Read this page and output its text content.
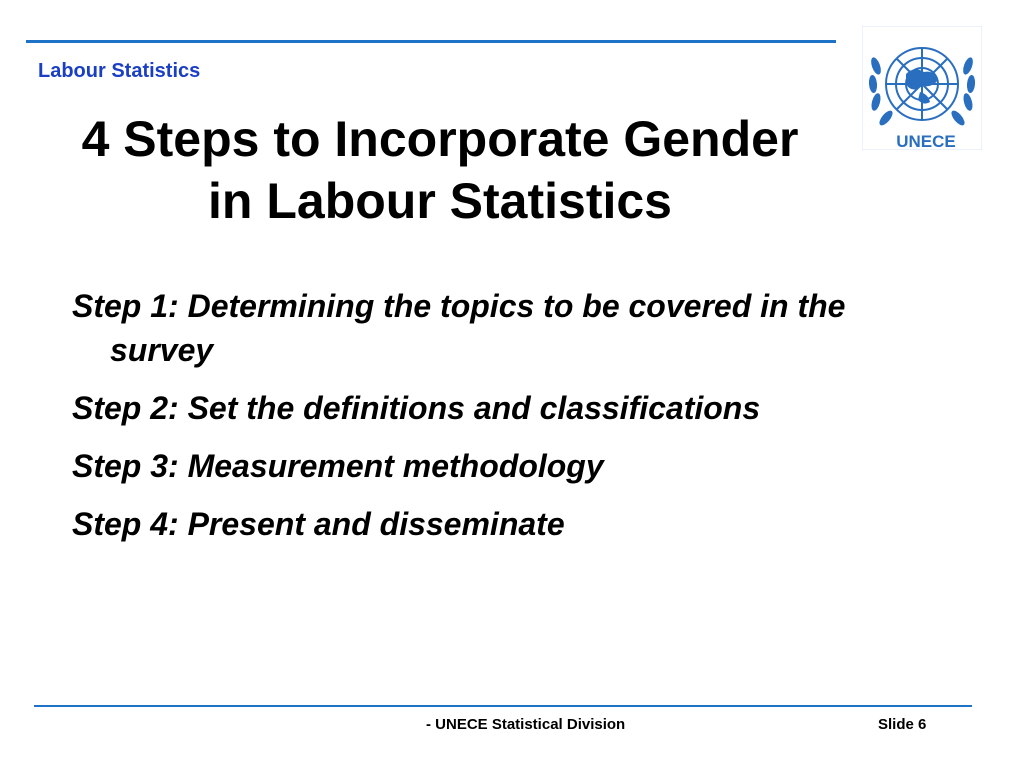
Labour Statistics
UNECE
4 Steps to Incorporate Gender
in Labour Statistics
Step 1: Determining the topics to be covered in the survey
Step 2: Set the definitions and classifications
Step 3: Measurement methodology
Step 4: Present and disseminate
- UNECE Statistical Division	Slide 6
